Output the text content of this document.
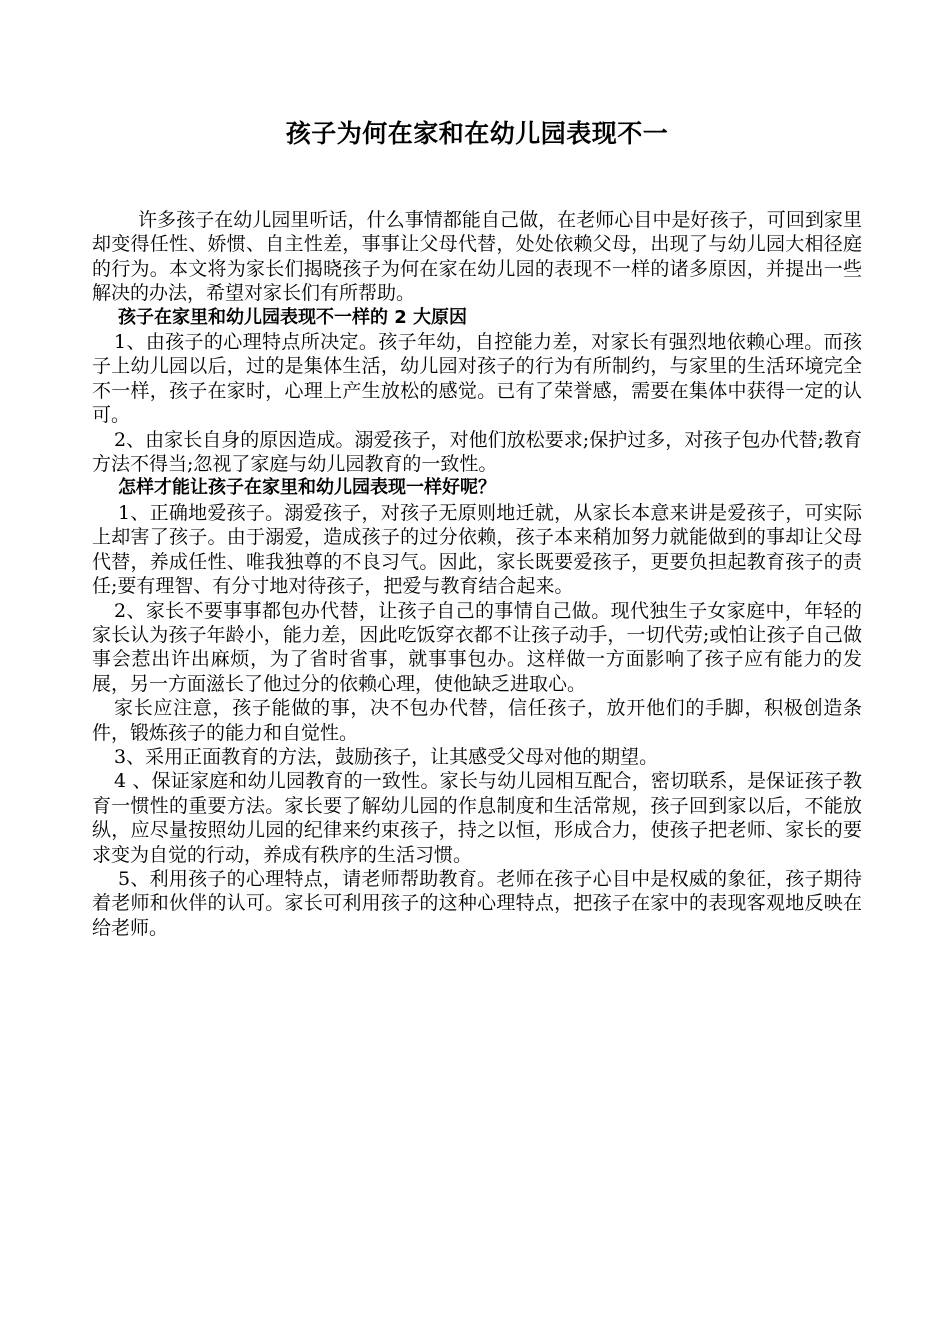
孩子为何在家和在幼儿园表现不一

许多孩子在幼儿园里听话，什么事情都能自己做，在老师心目中是好孩子，可回到家里却变得任性、娇惯、自主性差，事事让父母代替，处处依赖父母，出现了与幼儿园大相径庭的行为。本文将为家长们揭晓孩子为何在家在幼儿园的表现不一样的诸多原因，并提出一些解决的办法，希望对家长们有所帮助。

孩子在家里和幼儿园表现不一样的 2 大原因

1、由孩子的心理特点所决定。孩子年幼，自控能力差，对家长有强烈地依赖心理。而孩子上幼儿园以后，过的是集体生活，幼儿园对孩子的行为有所制约，与家里的生活环境完全不一样，孩子在家时，心理上产生放松的感觉。已有了荣誉感，需要在集体中获得一定的认可。

2、由家长自身的原因造成。溺爱孩子，对他们放松要求;保护过多，对孩子包办代替;教育方法不得当;忽视了家庭与幼儿园教育的一致性。

怎样才能让孩子在家里和幼儿园表现一样好呢？

1、正确地爱孩子。溺爱孩子，对孩子无原则地迁就，从家长本意来讲是爱孩子，可实际上却害了孩子。由于溺爱，造成孩子的过分依赖，孩子本来稍加努力就能做到的事却让父母代替，养成任性、唯我独尊的不良习气。因此，家长既要爱孩子，更要负担起教育孩子的责任;要有理智、有分寸地对待孩子，把爱与教育结合起来。

2、家长不要事事都包办代替，让孩子自己的事情自己做。现代独生子女家庭中，年轻的家长认为孩子年龄小，能力差，因此吃饭穿衣都不让孩子动手，一切代劳;或怕让孩子自己做事会惹出许出麻烦，为了省时省事，就事事包办。这样做一方面影响了孩子应有能力的发展，另一方面滋长了他过分的依赖心理，使他缺乏进取心。

家长应注意，孩子能做的事，决不包办代替，信任孩子，放开他们的手脚，积极创造条件，锻炼孩子的能力和自觉性。

3、采用正面教育的方法，鼓励孩子，让其感受父母对他的期望。

4 、保证家庭和幼儿园教育的一致性。家长与幼儿园相互配合，密切联系，是保证孩子教育一惯性的重要方法。家长要了解幼儿园的作息制度和生活常规，孩子回到家以后，不能放纵，应尽量按照幼儿园的纪律来约束孩子，持之以恒，形成合力，使孩子把老师、家长的要求变为自觉的行动，养成有秩序的生活习惯。

5、利用孩子的心理特点，请老师帮助教育。老师在孩子心目中是权威的象征，孩子期待着老师和伙伴的认可。家长可利用孩子的这种心理特点，把孩子在家中的表现客观地反映在给老师。
